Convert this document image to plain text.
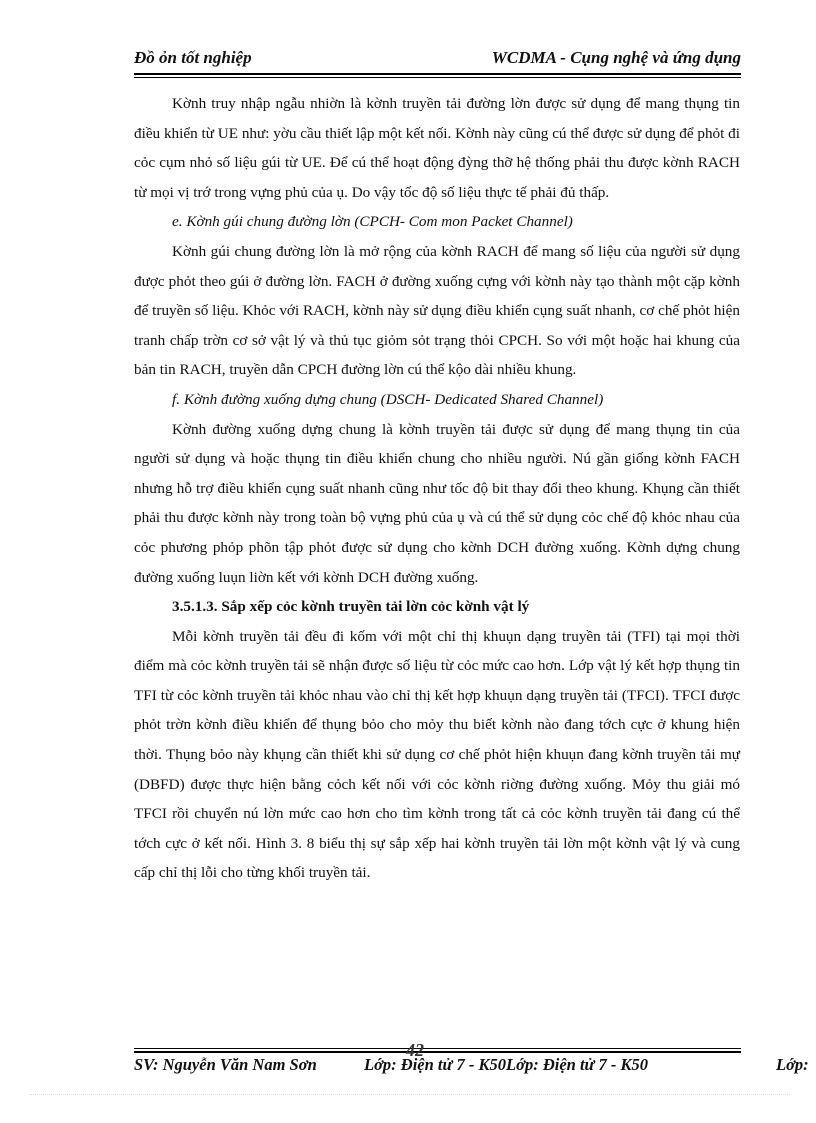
Đồ ỏn tốt nghiệp	WCDMA - Cụng nghệ và ứng dụng

Kờnh truy nhập ngẫu nhiờn là kờnh truyền tải đường lờn được sử dụng để mang thụng tin điều khiển từ UE như: yờu cầu thiết lập một kết nối. Kờnh này cũng cú thể được sử dụng để phỏt đi cỏc cụm nhỏ số liệu gúi từ UE. Để cú thể hoạt động đỳng thỡ hệ thống phải thu được kờnh RACH từ mọi vị trớ trong vựng phủ của ụ. Do vậy tốc độ số liệu thực tế phải đủ thấp.

e. Kờnh gúi chung đường lờn (CPCH- Com mon Packet Channel)

Kờnh gúi chung đường lờn là mở rộng của kờnh RACH để mang số liệu của người sử dụng được phỏt theo gúi ở đường lờn. FACH ở đường xuống cựng với kờnh này tạo thành một cặp kờnh để truyền số liệu. Khỏc với RACH, kờnh này sử dụng điều khiển cụng suất nhanh, cơ chế phỏt hiện tranh chấp trờn cơ sở vật lý và thủ tục giỏm sỏt trạng thỏi CPCH. So với một hoặc hai khung của bản tin RACH, truyền dẫn CPCH đường lờn cú thể kộo dài nhiều khung.

f. Kờnh đường xuống dựng chung (DSCH- Dedicated Shared Channel)

Kờnh đường xuống dựng chung là kờnh truyền tải được sử dụng để mang thụng tin của người sử dụng và hoặc thụng tin điều khiển chung cho nhiều người. Nú gần giống kờnh FACH nhưng hỗ trợ điều khiển cụng suất nhanh cũng như tốc độ bit thay đổi theo khung. Khụng cần thiết phải thu được kờnh này trong toàn bộ vựng phủ của ụ và cú thể sử dụng cỏc chế độ khỏc nhau của cỏc phương phỏp phõn tập phỏt được sử dụng cho kờnh DCH đường xuống. Kờnh dựng chung đường xuống luụn liờn kết với kờnh DCH đường xuống.

3.5.1.3. Sắp xếp cỏc kờnh truyền tải lờn cỏc kờnh vật lý

Mỗi kờnh truyền tải đều đi kốm với một chỉ thị khuụn dạng truyền tải (TFI) tại mọi thời điểm mà cỏc kờnh truyền tải sẽ nhận được số liệu từ cỏc mức cao hơn. Lớp vật lý kết hợp thụng tin TFI từ cỏc kờnh truyền tải khỏc nhau vào chỉ thị kết hợp khuụn dạng truyền tải (TFCI). TFCI được phỏt trờn kờnh điều khiển để thụng bỏo cho mỏy thu biết kờnh nào đang tớch cực ở khung hiện thời. Thụng bỏo này khụng cần thiết khi sử dụng cơ chế phỏt hiện khuụn đang kờnh truyền tải mự (DBFD) được thực hiện bằng cỏch kết nối với cỏc kờnh riờng đường xuống. Mỏy thu giải mó TFCI rồi chuyển nú lờn mức cao hơn cho tìm kờnh trong tất cả cỏc kờnh truyền tải đang cú thể tớch cực ở kết nối. Hình 3. 8 biểu thị sự sắp xếp hai kờnh truyền tải lờn một kờnh vật lý và cung cấp chỉ thị lỗi cho từng khối truyền tải.

42
SV: Nguyễn Văn Nam Sơn	Lớp: Điện tử 7 - K50Lớp: Điện tử 7 - K50	Lớp:
